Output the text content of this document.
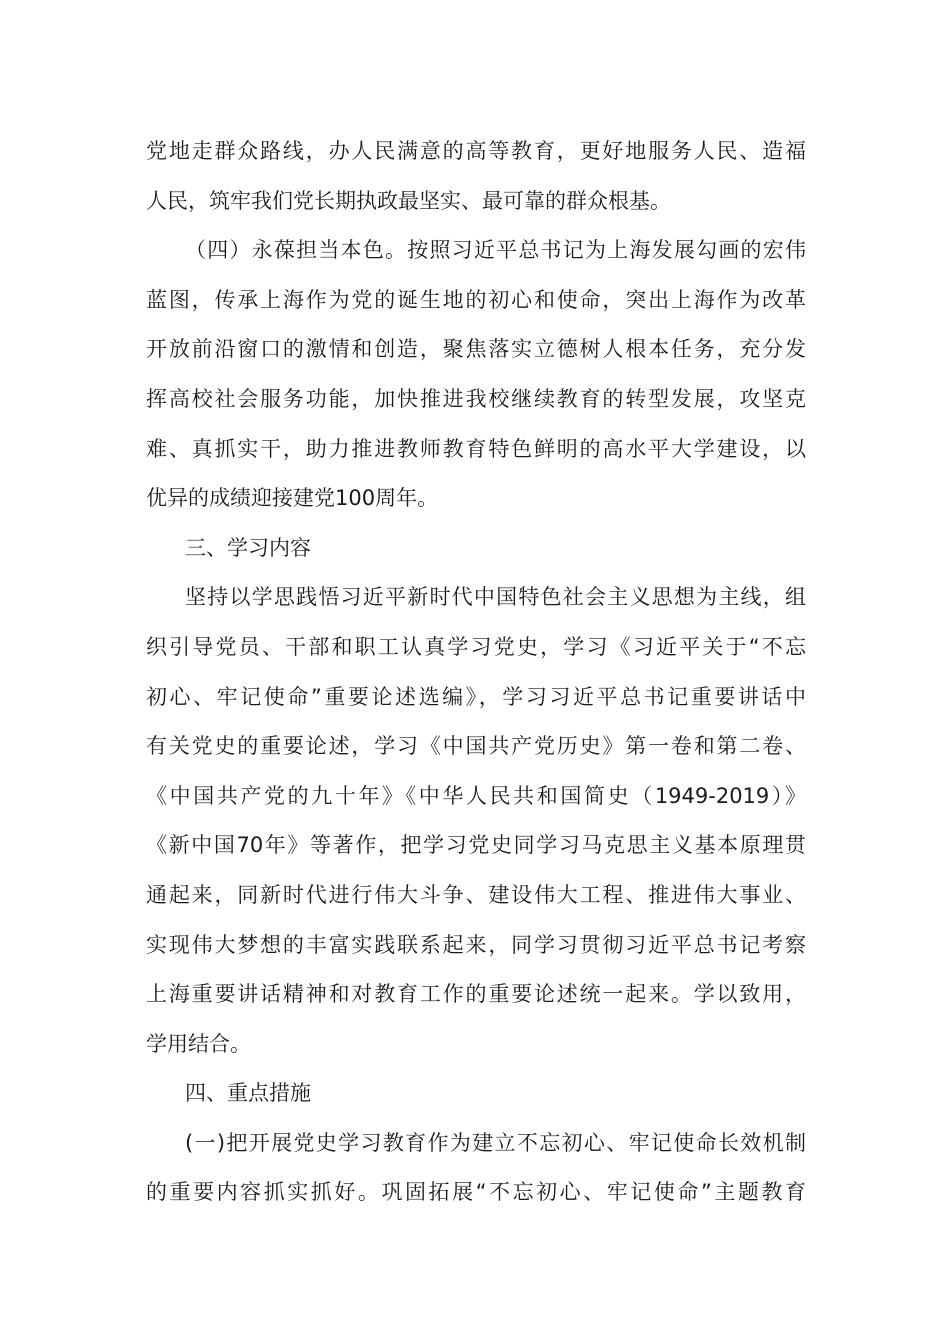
党地走群众路线，办人民满意的高等教育，更好地服务人民、造福
人民，筑牢我们党长期执政最坚实、最可靠的群众根基。
（四）永葆担当本色。按照习近平总书记为上海发展勾画的宏伟
蓝图，传承上海作为党的诞生地的初心和使命，突出上海作为改革
开放前沿窗口的激情和创造，聚焦落实立德树人根本任务，充分发
挥高校社会服务功能，加快推进我校继续教育的转型发展，攻坚克
难、真抓实干，助力推进教师教育特色鲜明的高水平大学建设，以
优异的成绩迎接建党100周年。
三、学习内容
坚持以学思践悟习近平新时代中国特色社会主义思想为主线，组
织引导党员、干部和职工认真学习党史，学习《习近平关于“不忘
初心、牢记使命”重要论述选编》，学习习近平总书记重要讲话中
有关党史的重要论述，学习《中国共产党历史》第一卷和第二卷、
《中国共产党的九十年》《中华人民共和国简史（1949-2019）》
《新中国70年》等著作，把学习党史同学习马克思主义基本原理贯
通起来，同新时代进行伟大斗争、建设伟大工程、推进伟大事业、
实现伟大梦想的丰富实践联系起来，同学习贯彻习近平总书记考察
上海重要讲话精神和对教育工作的重要论述统一起来。学以致用，
学用结合。
四、重点措施
(一)把开展党史学习教育作为建立不忘初心、牢记使命长效机制
的重要内容抓实抓好。巩固拓展“不忘初心、牢记使命”主题教育
